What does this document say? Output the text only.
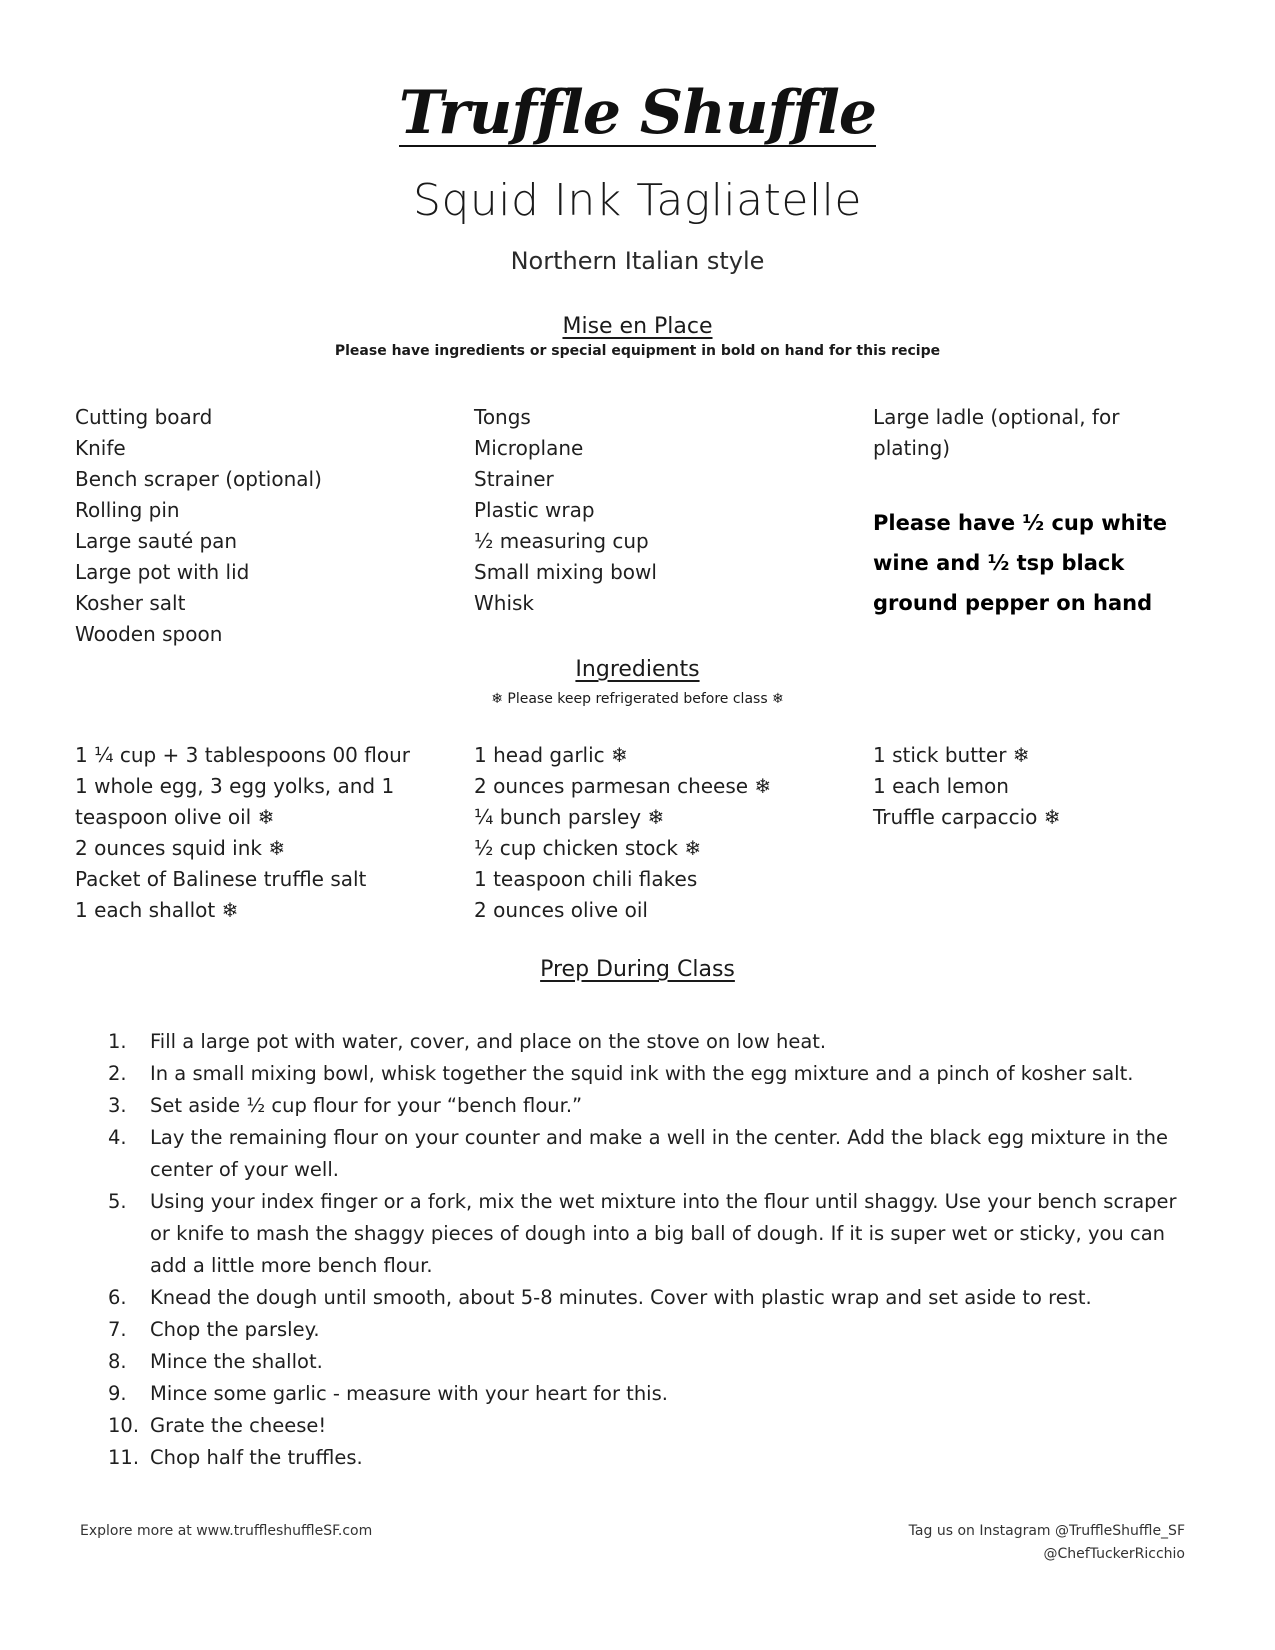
Truffle Shuffle
Squid Ink Tagliatelle
Northern Italian style
Mise en Place
Please have ingredients or special equipment in bold on hand for this recipe
Cutting board
Knife
Bench scraper (optional)
Rolling pin
Large sauté pan
Large pot with lid
Kosher salt
Wooden spoon
Tongs
Microplane
Strainer
Plastic wrap
½ measuring cup
Small mixing bowl
Whisk
Large ladle (optional, for plating)
Please have ½ cup white wine and ½ tsp black ground pepper on hand
Ingredients
❄ Please keep refrigerated before class ❄
1 ¼ cup + 3 tablespoons 00 flour
1 whole egg, 3 egg yolks, and 1 teaspoon olive oil ❄
2 ounces squid ink ❄
Packet of Balinese truffle salt
1 each shallot ❄
1 head garlic ❄
2 ounces parmesan cheese ❄
¼ bunch parsley ❄
½ cup chicken stock ❄
1 teaspoon chili flakes
2 ounces olive oil
1 stick butter ❄
1 each lemon
Truffle carpaccio ❄
Prep During Class
1.	Fill a large pot with water, cover, and place on the stove on low heat.
2.	In a small mixing bowl, whisk together the squid ink with the egg mixture and a pinch of kosher salt.
3.	Set aside ½ cup flour for your “bench flour.”
4.	Lay the remaining flour on your counter and make a well in the center. Add the black egg mixture in the center of your well.
5.	Using your index finger or a fork, mix the wet mixture into the flour until shaggy. Use your bench scraper or knife to mash the shaggy pieces of dough into a big ball of dough. If it is super wet or sticky, you can add a little more bench flour.
6.	Knead the dough until smooth, about 5-8 minutes. Cover with plastic wrap and set aside to rest.
7.	Chop the parsley.
8.	Mince the shallot.
9.	Mince some garlic - measure with your heart for this.
10. Grate the cheese!
11. Chop half the truffles.
Explore more at www.truffleshuffleSF.com	Tag us on Instagram @TruffleShuffle_SF
@ChefTuckerRicchio
